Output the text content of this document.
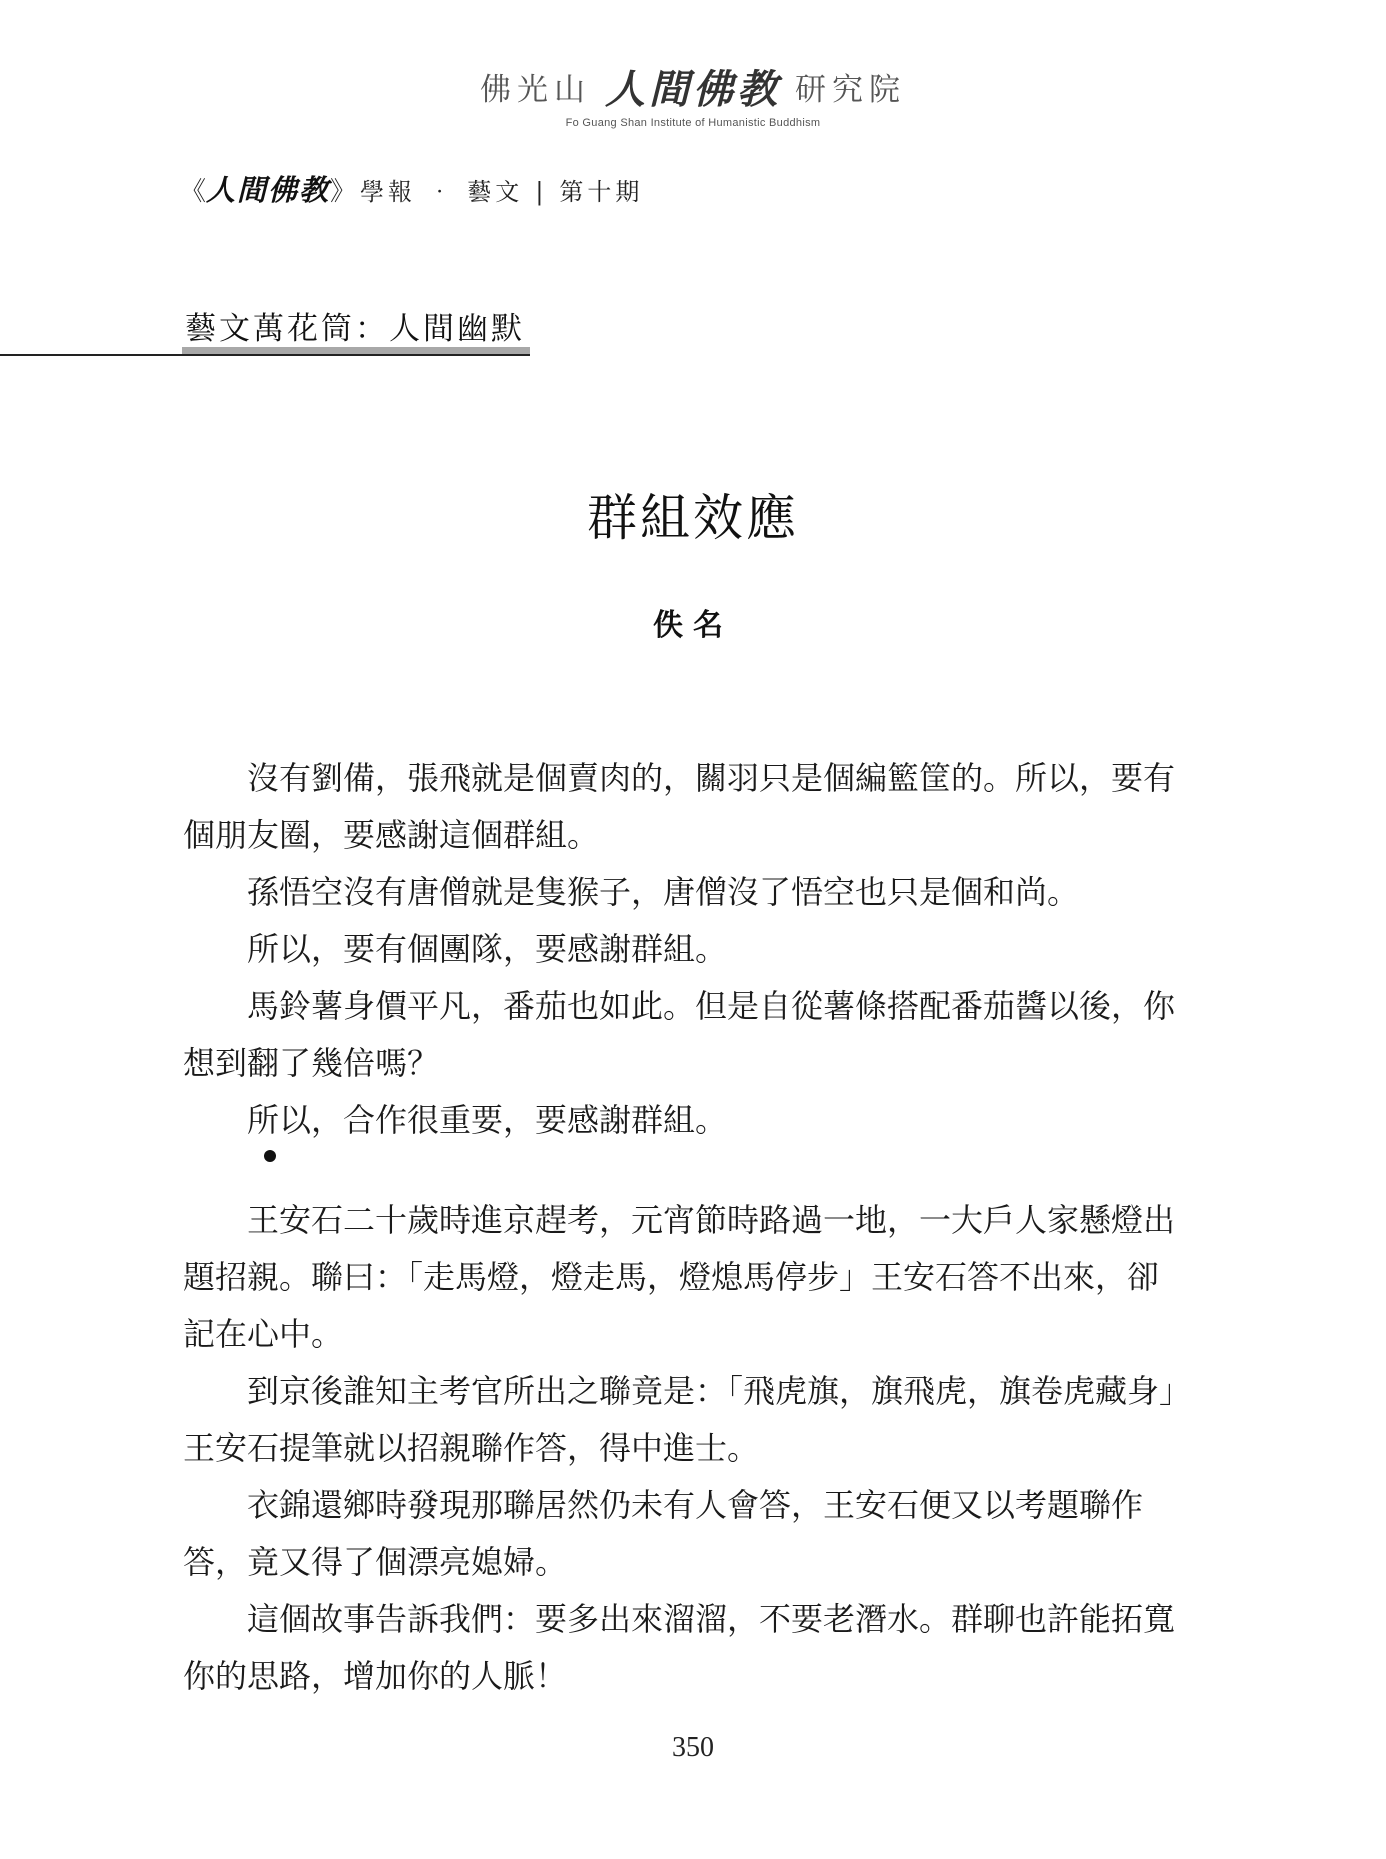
佛光山 人間佛教 研究院
Fo Guang Shan Institute of Humanistic Buddhism
《 人間佛教 》 學報 ‧ 藝文 | 第十期
藝文萬花筒：人間幽默
群組效應
佚名

沒有劉備，張飛就是個賣肉的，關羽只是個編籃筐的。所以，要有個朋友圈，要感謝這個群組。

孫悟空沒有唐僧就是隻猴子，唐僧沒了悟空也只是個和尚。

所以，要有個團隊，要感謝群組。

馬鈴薯身價平凡，番茄也如此。但是自從薯條搭配番茄醬以後，你想到翻了幾倍嗎？

所以，合作很重要，要感謝群組。

王安石二十歲時進京趕考，元宵節時路過一地，一大戶人家懸燈出題招親。聯曰：「走馬燈，燈走馬，燈熄馬停步」王安石答不出來，卻記在心中。

到京後誰知主考官所出之聯竟是：「飛虎旗，旗飛虎，旗卷虎藏身」王安石提筆就以招親聯作答，得中進士。

衣錦還鄉時發現那聯居然仍未有人會答，王安石便又以考題聯作答，竟又得了個漂亮媳婦。

這個故事告訴我們：要多出來溜溜，不要老潛水。群聊也許能拓寬你的思路，增加你的人脈！

350
